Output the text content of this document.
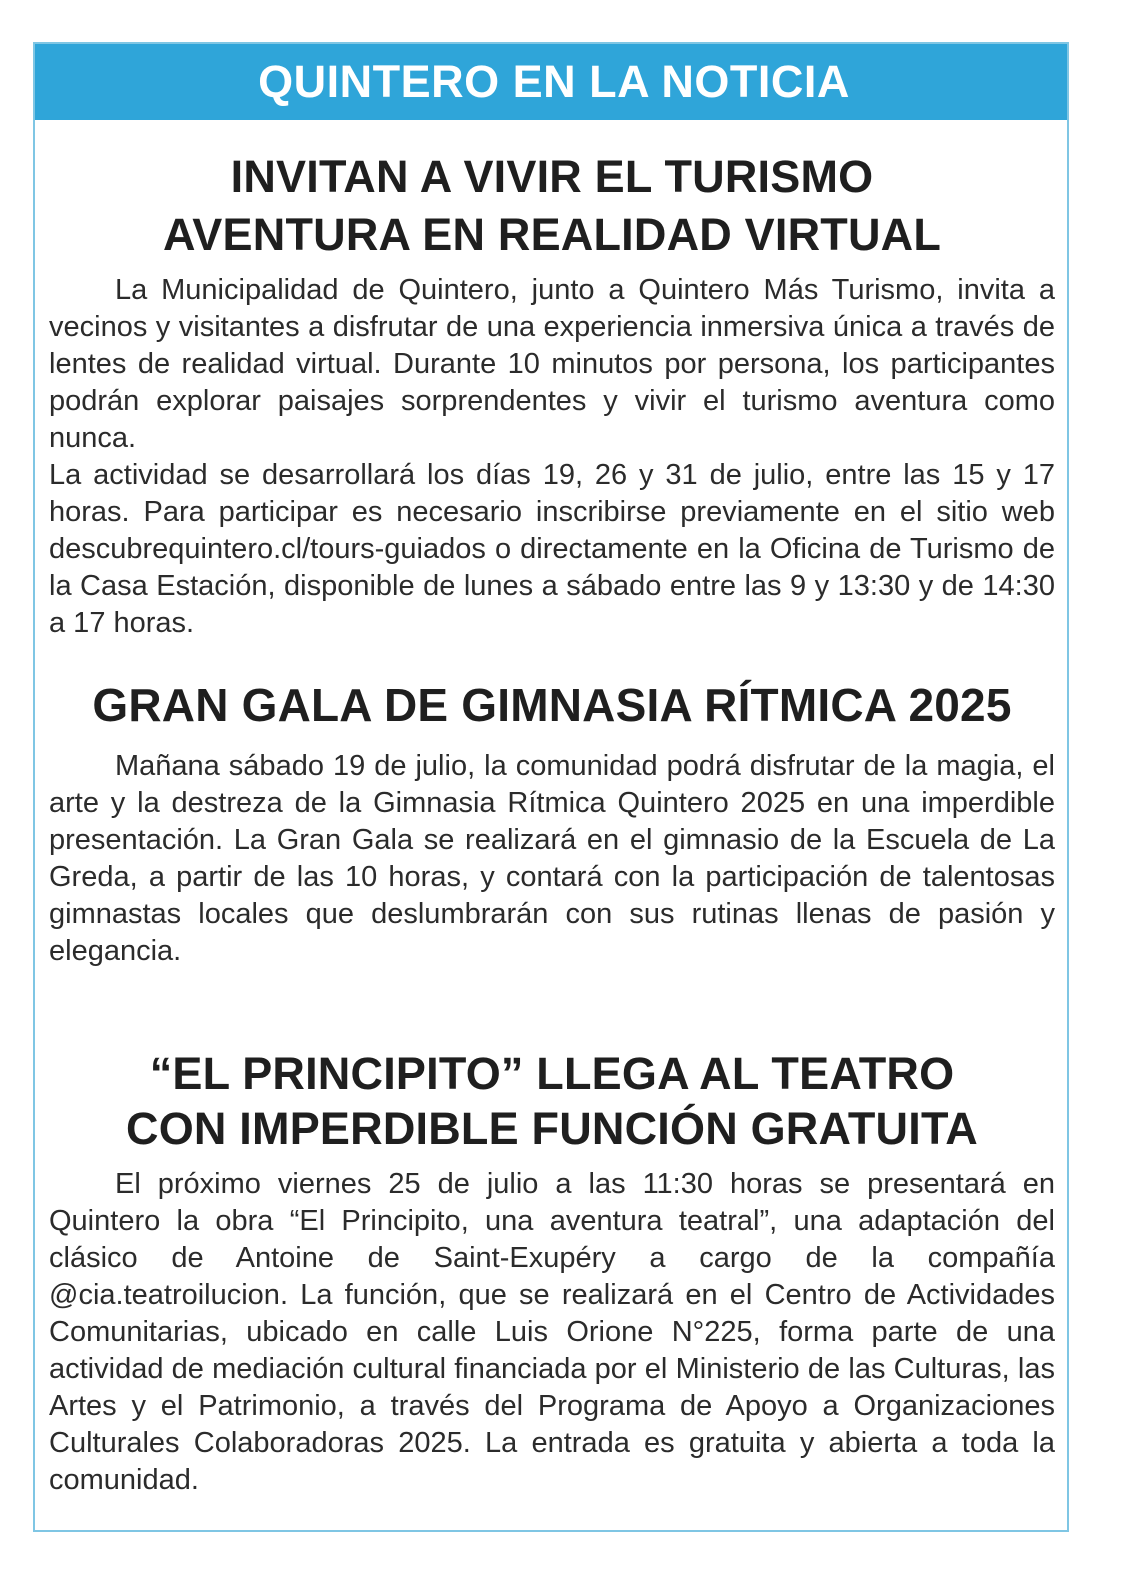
QUINTERO EN LA NOTICIA
INVITAN A VIVIR EL TURISMO
AVENTURA EN REALIDAD VIRTUAL

La Municipalidad de Quintero, junto a Quintero Más Turismo, invita a vecinos y visitantes a disfrutar de una experiencia inmersiva única a través de lentes de realidad virtual. Durante 10 minutos por persona, los participantes podrán explorar paisajes sorprendentes y vivir el turismo aventura como nunca.

La actividad se desarrollará los días 19, 26 y 31 de julio, entre las 15 y 17 horas. Para participar es necesario inscribirse previamente en el sitio web descubrequintero.cl/tours-guiados o directamente en la Oficina de Turismo de la Casa Estación, disponible de lunes a sábado entre las 9 y 13:30 y de 14:30 a 17 horas.

GRAN GALA DE GIMNASIA RÍTMICA 2025

Mañana sábado 19 de julio, la comunidad podrá disfrutar de la magia, el arte y la destreza de la Gimnasia Rítmica Quintero 2025 en una imperdible presentación. La Gran Gala se realizará en el gimnasio de la Escuela de La Greda, a partir de las 10 horas, y contará con la participación de talentosas gimnastas locales que deslumbrarán con sus rutinas llenas de pasión y elegancia.

“EL PRINCIPITO” LLEGA AL TEATRO
CON IMPERDIBLE FUNCIÓN GRATUITA

El próximo viernes 25 de julio a las 11:30 horas se presentará en Quintero la obra “El Principito, una aventura teatral”, una adaptación del clásico de Antoine de Saint-Exupéry a cargo de la compañía @cia.teatroilucion. La función, que se realizará en el Centro de Actividades Comunitarias, ubicado en calle Luis Orione N°225, forma parte de una actividad de mediación cultural financiada por el Ministerio de las Culturas, las Artes y el Patrimonio, a través del Programa de Apoyo a Organizaciones Culturales Colaboradoras 2025. La entrada es gratuita y abierta a toda la comunidad.
